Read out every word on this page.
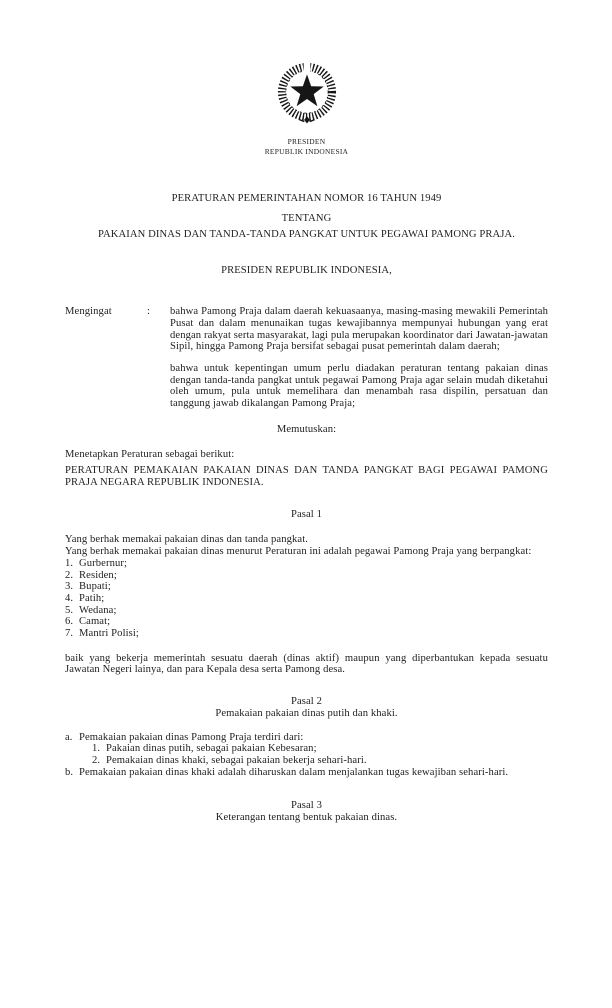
PRESIDEN
REPUBLIK INDONESIA
PERATURAN PEMERINTAHAN NOMOR 16 TAHUN 1949
TENTANG
PAKAIAN DINAS DAN TANDA-TANDA PANGKAT UNTUK PEGAWAI PAMONG PRAJA.
PRESIDEN REPUBLIK INDONESIA,
Mengingat	:	bahwa Pamong Praja dalam daerah kekuasaanya, masing-masing mewakili Pemerintah Pusat dan dalam menunaikan tugas kewajibannya mempunyai hubungan yang erat dengan rakyat serta masyarakat, lagi pula merupakan koordinator dari Jawatan-jawatan Sipil, hingga Pamong Praja bersifat sebagai pusat pemerintah dalam daerah;

bahwa untuk kepentingan umum perlu diadakan peraturan tentang pakaian dinas dengan tanda-tanda pangkat untuk pegawai Pamong Praja agar selain mudah diketahui oleh umum, pula untuk memelihara dan menambah rasa dispilin, persatuan dan tanggung jawab dikalangan Pamong Praja;

Memutuskan:

Menetapkan Peraturan sebagai berikut:

PERATURAN PEMAKAIAN PAKAIAN DINAS DAN TANDA PANGKAT BAGI PEGAWAI PAMONG PRAJA NEGARA REPUBLIK INDONESIA.

Pasal 1

Yang berhak memakai pakaian dinas dan tanda pangkat.

Yang berhak memakai pakaian dinas menurut Peraturan ini adalah pegawai Pamong Praja yang berpangkat:

1. Gurbernur;
2. Residen;
3. Bupati;
4. Patih;
5. Wedana;
6. Camat;
7. Mantri Polisi;

baik yang bekerja memerintah sesuatu daerah (dinas aktif) maupun yang diperbantukan kepada sesuatu Jawatan Negeri lainya, dan para Kepala desa serta Pamong desa.

Pasal 2
Pemakaian pakaian dinas putih dan khaki.
a. Pemakaian pakaian dinas Pamong Praja terdiri dari:

1. Pakaian dinas putih, sebagai pakaian Kebesaran;
2. Pemakaian dinas khaki, sebagai pakaian bekerja sehari-hari.
b. Pemakaian pakaian dinas khaki adalah diharuskan dalam menjalankan tugas kewajiban sehari-hari.

Pasal 3
Keterangan tentang bentuk pakaian dinas.
